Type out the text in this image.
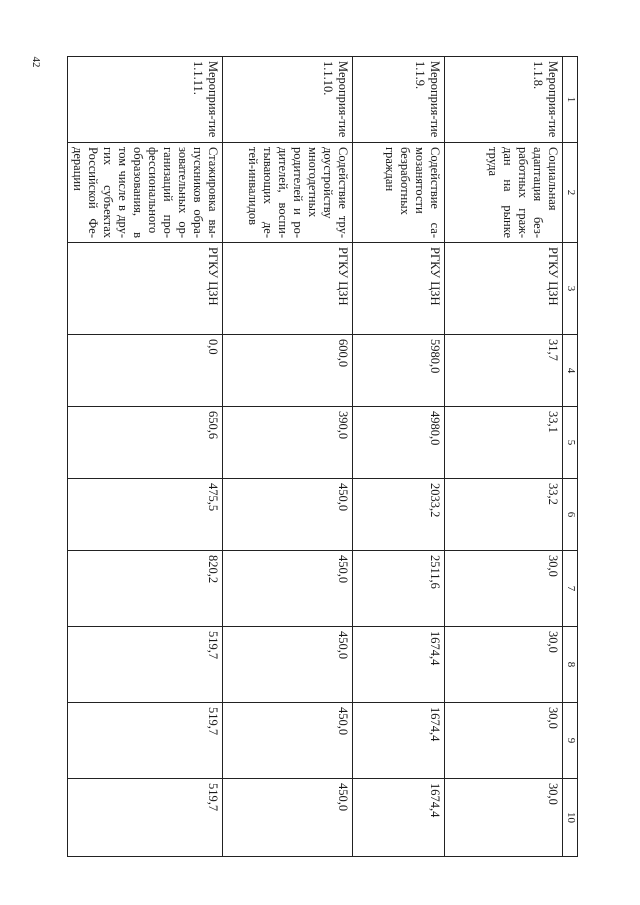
42
1	2	3	4	5	6	7	8	9	10
Мероприя-тие 1.1.8.	Социальная адаптация без-работных граж-дан на рынке труда	РГКУ ЦЗН	31,7	33,1	33,2	30,0	30,0	30,0	30,0
Мероприя-тие 1.1.9.	Содействие са-мозанятости безработных граждан	РГКУ ЦЗН	5980,0	4980,0	2033,2	2511,6	1674,4	1674,4	1674,4
Мероприя-тие 1.1.10.	Содействие тру-доустройству многодетных родителей и ро-дителей, воспи-тывающих де-тей-инвалидов	РГКУ ЦЗН	600,0	390,0	450,0	450,0	450,0	450,0	450,0
Мероприя-тие 1.1.11.	Стажировка вы-пускников обра-зовательных ор-ганизаций про-фессионального образования, в том числе в дру-гих субъектах Российской Фе-дерации	РГКУ ЦЗН	0,0	650,6	475,5	820,2	519,7	519,7	519,7
